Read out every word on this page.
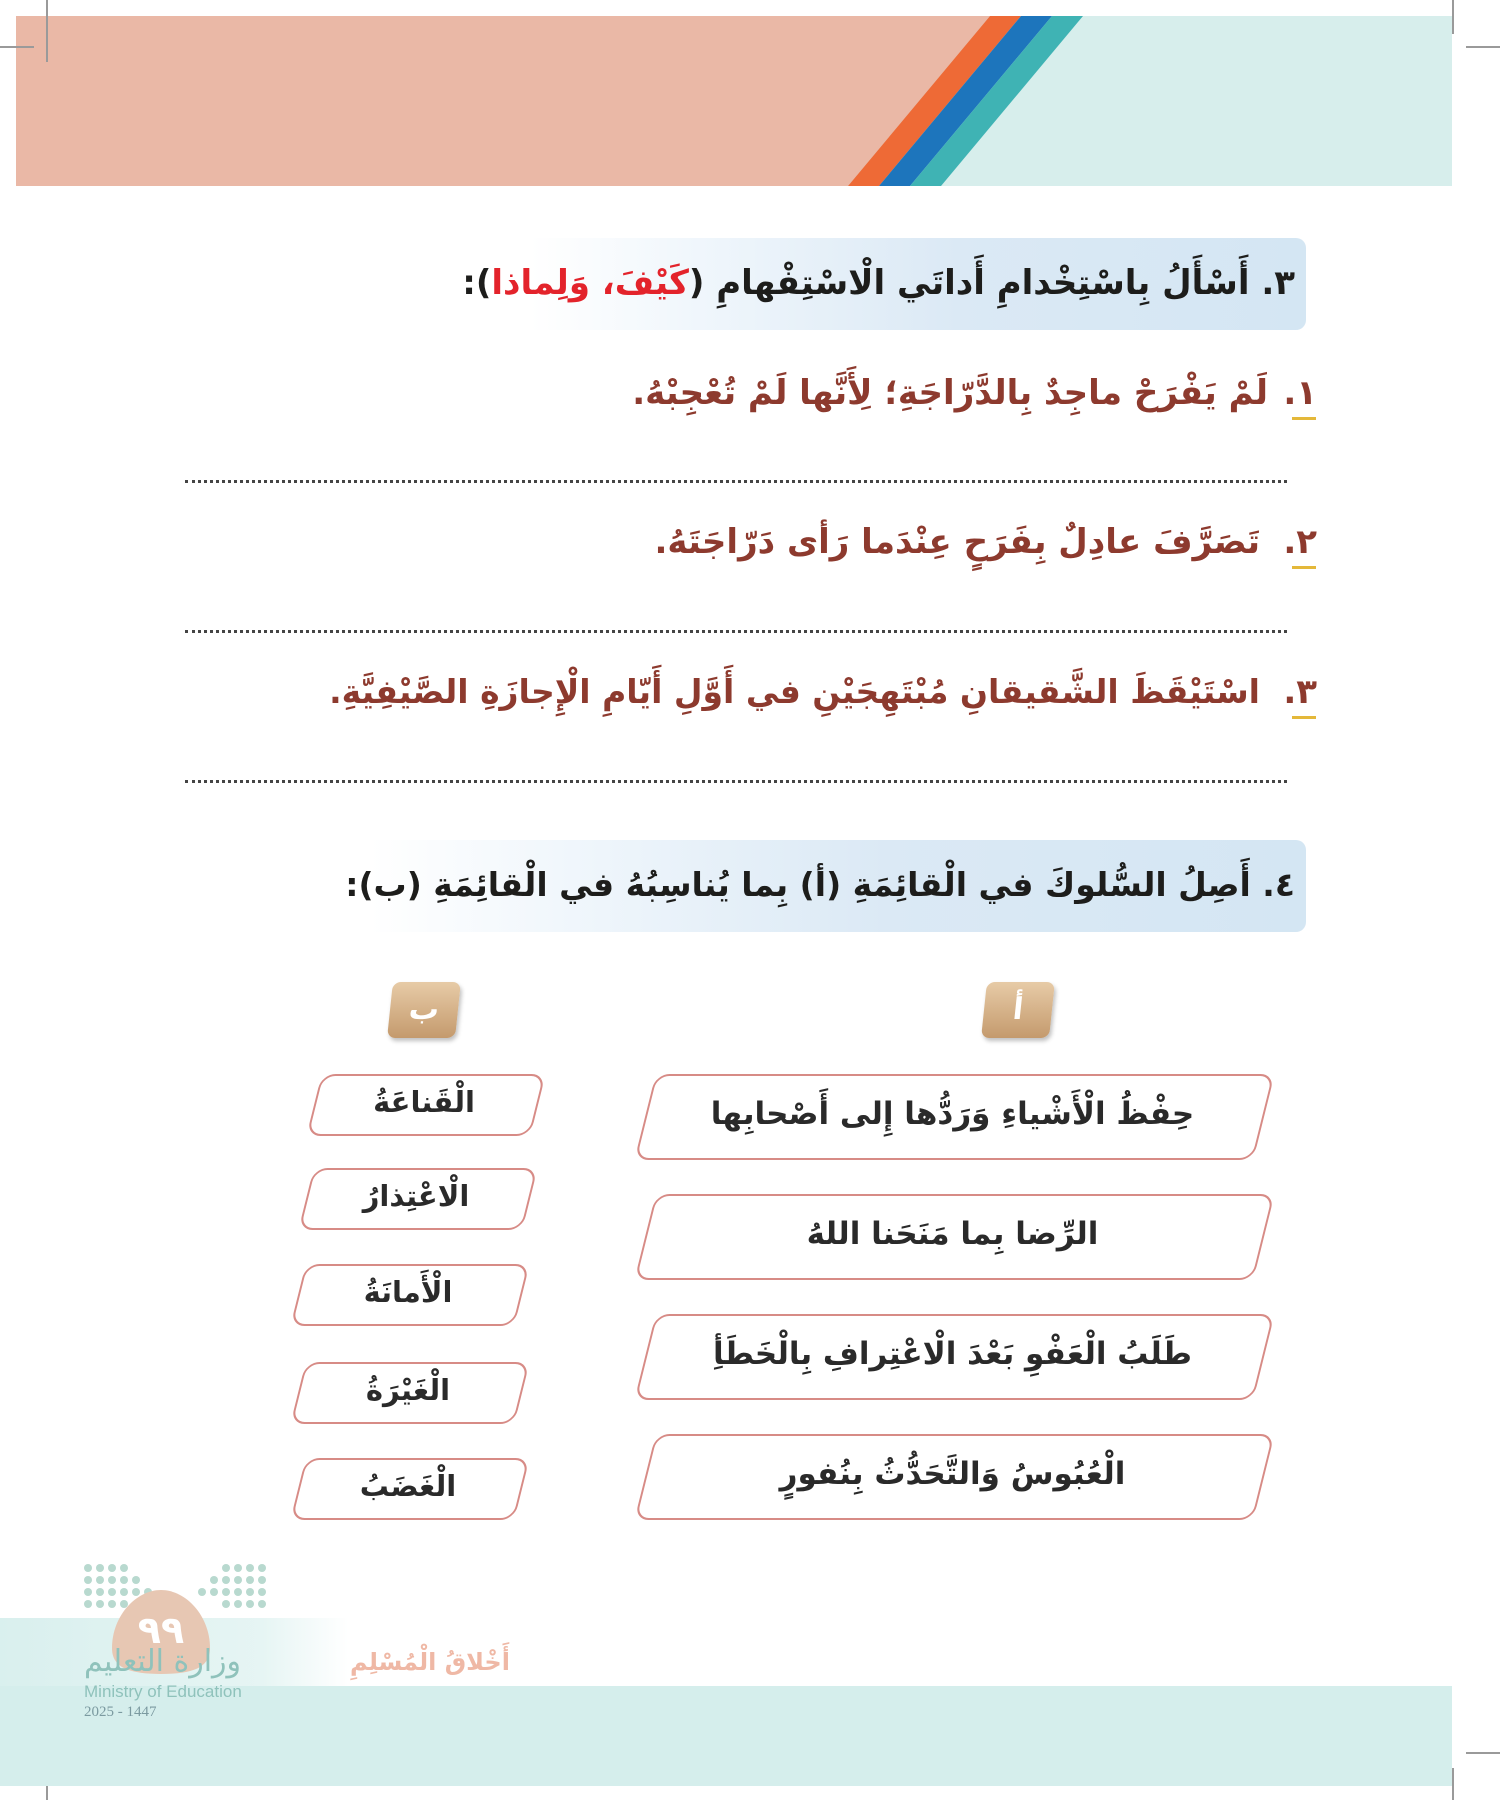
٣. أَسْأَلُ بِاسْتِخْدامِ أَداتَي الْاسْتِفْهامِ (كَيْفَ، وَلِماذا):
١.
لَمْ يَفْرَحْ ماجِدٌ بِالدَّرّاجَةِ؛ لِأَنَّها لَمْ تُعْجِبْهُ.
٢.
تَصَرَّفَ عادِلٌ بِفَرَحٍ عِنْدَما رَأى دَرّاجَتَهُ.
٣.
اسْتَيْقَظَ الشَّقيقانِ مُبْتَهِجَيْنِ في أَوَّلِ أَيّامِ الْإِجازَةِ الصَّيْفِيَّةِ.
٤. أَصِلُ السُّلوكَ في الْقائِمَةِ (أ) بِما يُناسِبُهُ في الْقائِمَةِ (ب):
أ
ب
حِفْظُ الْأَشْياءِ وَرَدُّها إِلى أَصْحابِها
الرِّضا بِما مَنَحَنا اللهُ
طَلَبُ الْعَفْوِ بَعْدَ الْاعْتِرافِ بِالْخَطَأِ
الْعُبُوسُ وَالتَّحَدُّثُ بِنُفورٍ
الْقَناعَةُ
الْاعْتِذارُ
الْأَمانَةُ
الْغَيْرَةُ
الْغَضَبُ
٩٩
وزارة التعليم
Ministry of Education
2025 - 1447
أَخْلاقُ الْمُسْلِمِ
